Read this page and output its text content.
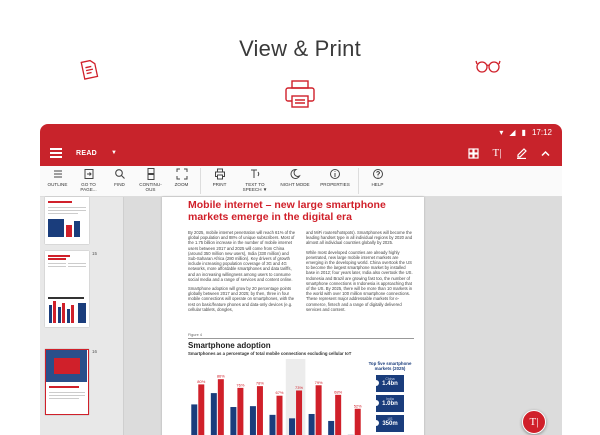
View & Print
▾ ◢ ▮ 17:12
READ ▼	T|
OUTLINE	GO TO
PAGE...
FIND	CONTINU-
OUS
ZOOM	PRINT	TEXT TO
SPEECH ▼
NIGHT MODE PROPERTIES	HELP
15
16
Mobile internet – new large smartphone markets emerge in the digital era

By 2025, mobile internet penetration will reach 61% of the global population and 88% of unique subscribers. Most of the 1.75 billion increase in the number of mobile internet users between 2017 and 2025 will come from China (around 350 million new users), India (330 million) and Sub-Saharan Africa (280 million). Key drivers of growth include increasing population coverage of 3G and 4G networks, more affordable smartphones and data tariffs, and an increasing willingness among users to consume social media and a range of services and content online.

Smartphone adoption will grow by 20 percentage points globally between 2017 and 2025; by then, three in four mobile connections will operate on smartphones, with the rest on basic/feature phones and data-only devices (e.g. cellular tablets, dongles,

and MiFi routers/hotspots). Smartphones will become the leading handset type in all individual regions by 2020 and almost all individual countries globally by 2025.

While most developed countries are already highly penetrated, new large mobile internet markets are emerging in the developing world. China overtook the US to become the largest smartphone market by installed base in 2012; four years later, India also overtook the US. Indonesia and Brazil are growing fast too, the number of smartphone connections in Indonesia is approaching that of the US. By 2025, there will be more than 10 markets in the world with over 100 million smartphone connections. These represent major addressable markets for e-commerce, fintech and a range of digitally delivered services and content.

Figure 4
Smartphone adoption
Smartphones as a percentage of total mobile connections excluding cellular IoT
80%
86%
76%	78%
67%
73%
79%
68%
52%
Top five smartphone markets (2025)
China
1.4bn
India
1.0bn
US
350m	T|
